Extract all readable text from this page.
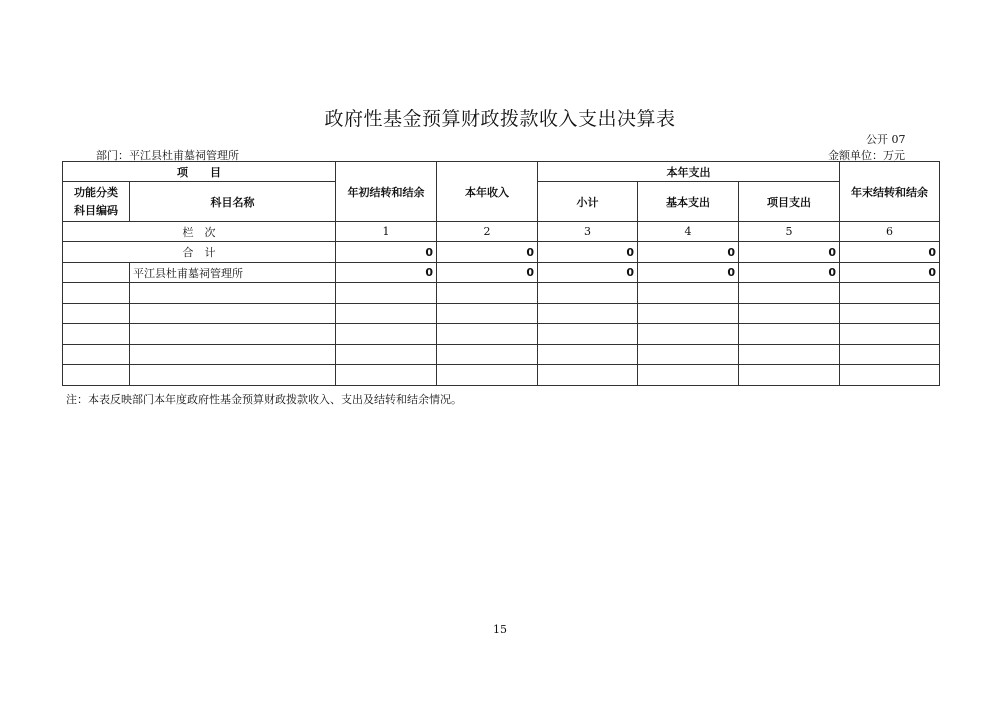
政府性基金预算财政拨款收入支出决算表
公开 07
部门：平江县杜甫墓祠管理所	金额单位：万元
项　　目		年初结转和结余	本年收入	本年支出			年末结转和结余
功能分类科目编码	科目名称			小计	基本支出	项目支出	
栏　次		1	2	3	4	5	6
合　计		0	0	0	0	0	0
	平江县杜甫墓祠管理所	0	0	0	0	0	0

注：本表反映部门本年度政府性基金预算财政拨款收入、支出及结转和结余情况。
15
